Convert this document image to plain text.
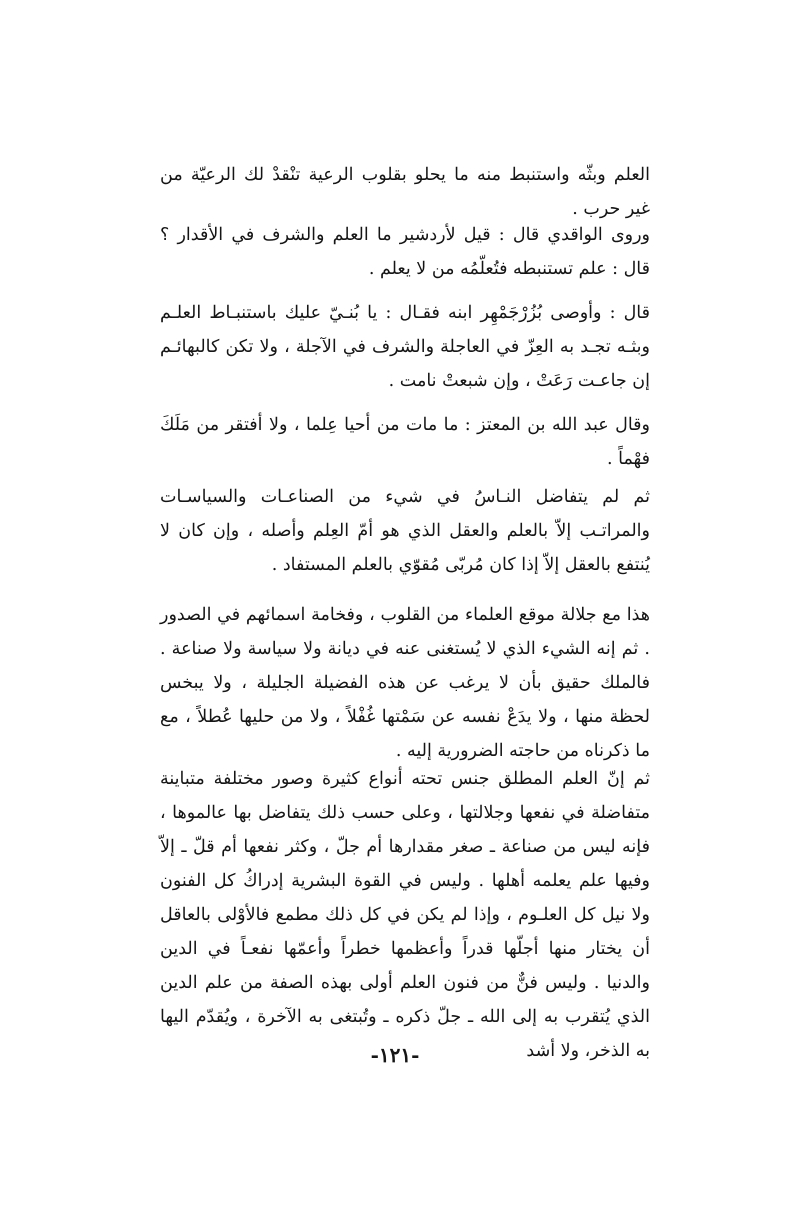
العلم وبثّه واستنبط منه ما يحلو بقلوب الرعية تنْقدْ لك الرعيّة من غير حرب .

وروى الواقدي قال : قيل لأردشير ما العلم والشرف في الأقدار ؟ قال : علم تستنبطه فتُعلّمُه من لا يعلم .

قال : وأوصى بُزُرْجَمْهِر ابنه فقـال : يا بُنـيّ عليك باستنبـاط العلـم وبثـه تجـد به العِزّ في العاجلة والشرف في الآجلة ، ولا تكن كالبهائـم إن جاعـت رَعَتْ ، وإن شبعتْ نامت .

وقال عبد الله بن المعتز : ما مات من أحيا عِلما ، ولا أفتقر من مَلَكَ فهْماً .

ثم لم يتفاضل النـاسُ في شيء من الصناعـات والسياسـات والمراتـب إلاّ بالعلم والعقل الذي هو أمّ العِلم وأصله ، وإن كان لا يُنتفع بالعقل إلاّ إذا كان مُربّى مُقوّي بالعلم المستفاد .

هذا مع جلالة موقع العلماء من القلوب ، وفخامة اسمائهم في الصدور . ثم إنه الشيء الذي لا يُستغنى عنه في ديانة ولا سياسة ولا صناعة . فالملك حقيق بأن لا يرغب عن هذه الفضيلة الجليلة ، ولا يبخس لحظة منها ، ولا يدَعْ نفسه عن سَمْتها غُفْلاً ، ولا من حليها عُطلاً ، مع ما ذكرناه من حاجته الضرورية إليه .

ثم إنّ العلم المطلق جنس تحته أنواع كثيرة وصور مختلفة متباينة متفاضلة في نفعها وجلالتها ، وعلى حسب ذلك يتفاضل بها عالموها ، فإنه ليس من صناعة ـ صغر مقدارها أم جلّ ، وكثر نفعها أم قلّ ـ إلاّ وفيها علم يعلمه أهلها . وليس في القوة البشرية إدراكُ كل الفنون ولا نيل كل العلـوم ، وإذا لم يكن في كل ذلك مطمع فالأوْلى بالعاقل أن يختار منها أجلّها قدراً وأعظمها خطراً وأعمّها نفعـاً في الدين والدنيا . وليس فنٌّ من فنون العلم أولى بهذه الصفة من علم الدين الذي يُتقرب به إلى الله ـ جلّ ذكره ـ وتُبتغى به الآخرة ، ويُقدّم اليها به الذخر، ولا أشد

-١٢١-
